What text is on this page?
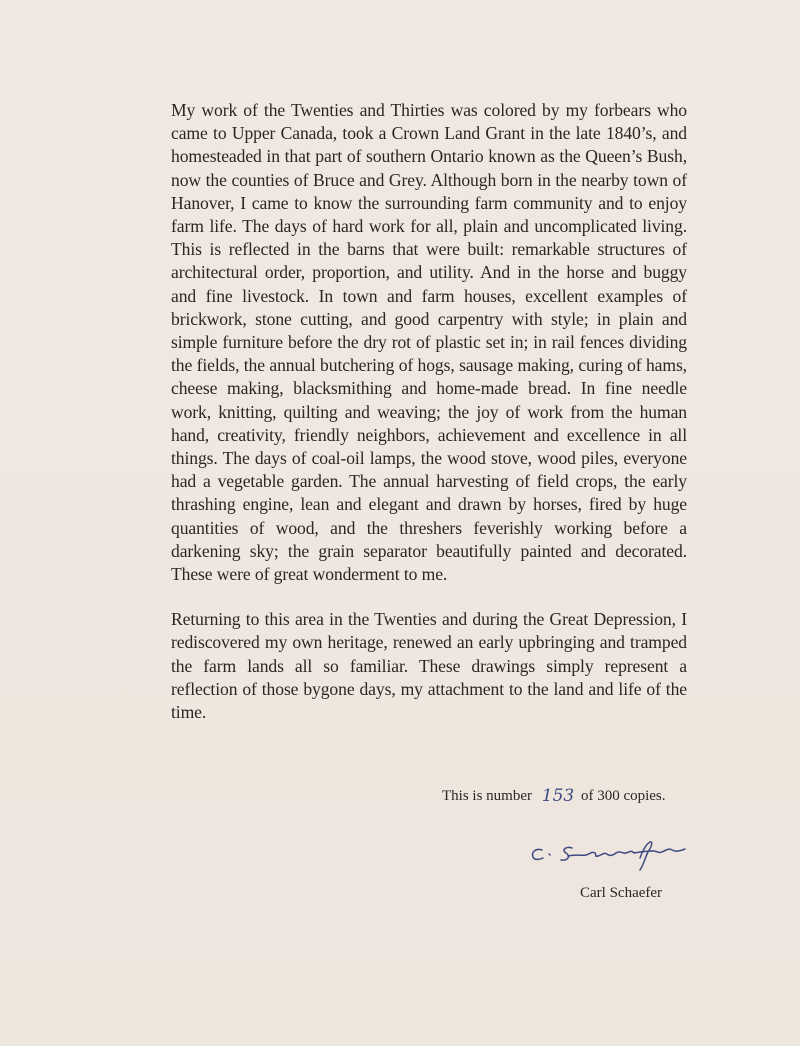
My work of the Twenties and Thirties was colored by my forbears who came to Upper Canada, took a Crown Land Grant in the late 1840’s, and homesteaded in that part of southern Ontario known as the Queen’s Bush, now the counties of Bruce and Grey. Although born in the nearby town of Hanover, I came to know the surrounding farm community and to enjoy farm life. The days of hard work for all, plain and uncomplicated living. This is reflected in the barns that were built: remarkable structures of architectural order, proportion, and utility. And in the horse and buggy and fine livestock. In town and farm houses, excellent examples of brickwork, stone cutting, and good carpentry with style; in plain and simple furniture before the dry rot of plastic set in; in rail fences dividing the fields, the annual butchering of hogs, sausage making, curing of hams, cheese making, blacksmithing and home-made bread. In fine needle work, knitting, quilting and weaving; the joy of work from the human hand, creativity, friendly neighbors, achievement and excellence in all things. The days of coal-oil lamps, the wood stove, wood piles, everyone had a vegetable garden. The annual harvesting of field crops, the early thrashing engine, lean and elegant and drawn by horses, fired by huge quantities of wood, and the threshers feverishly working before a darkening sky; the grain separator beautifully painted and decorated. These were of great wonderment to me.

Returning to this area in the Twenties and during the Great Depression, I rediscovered my own heritage, renewed an early upbringing and tramped the farm lands all so familiar. These drawings simply represent a reflection of those bygone days, my attachment to the land and life of the time.

This is number 153 of 300 copies.
Carl Schaefer
